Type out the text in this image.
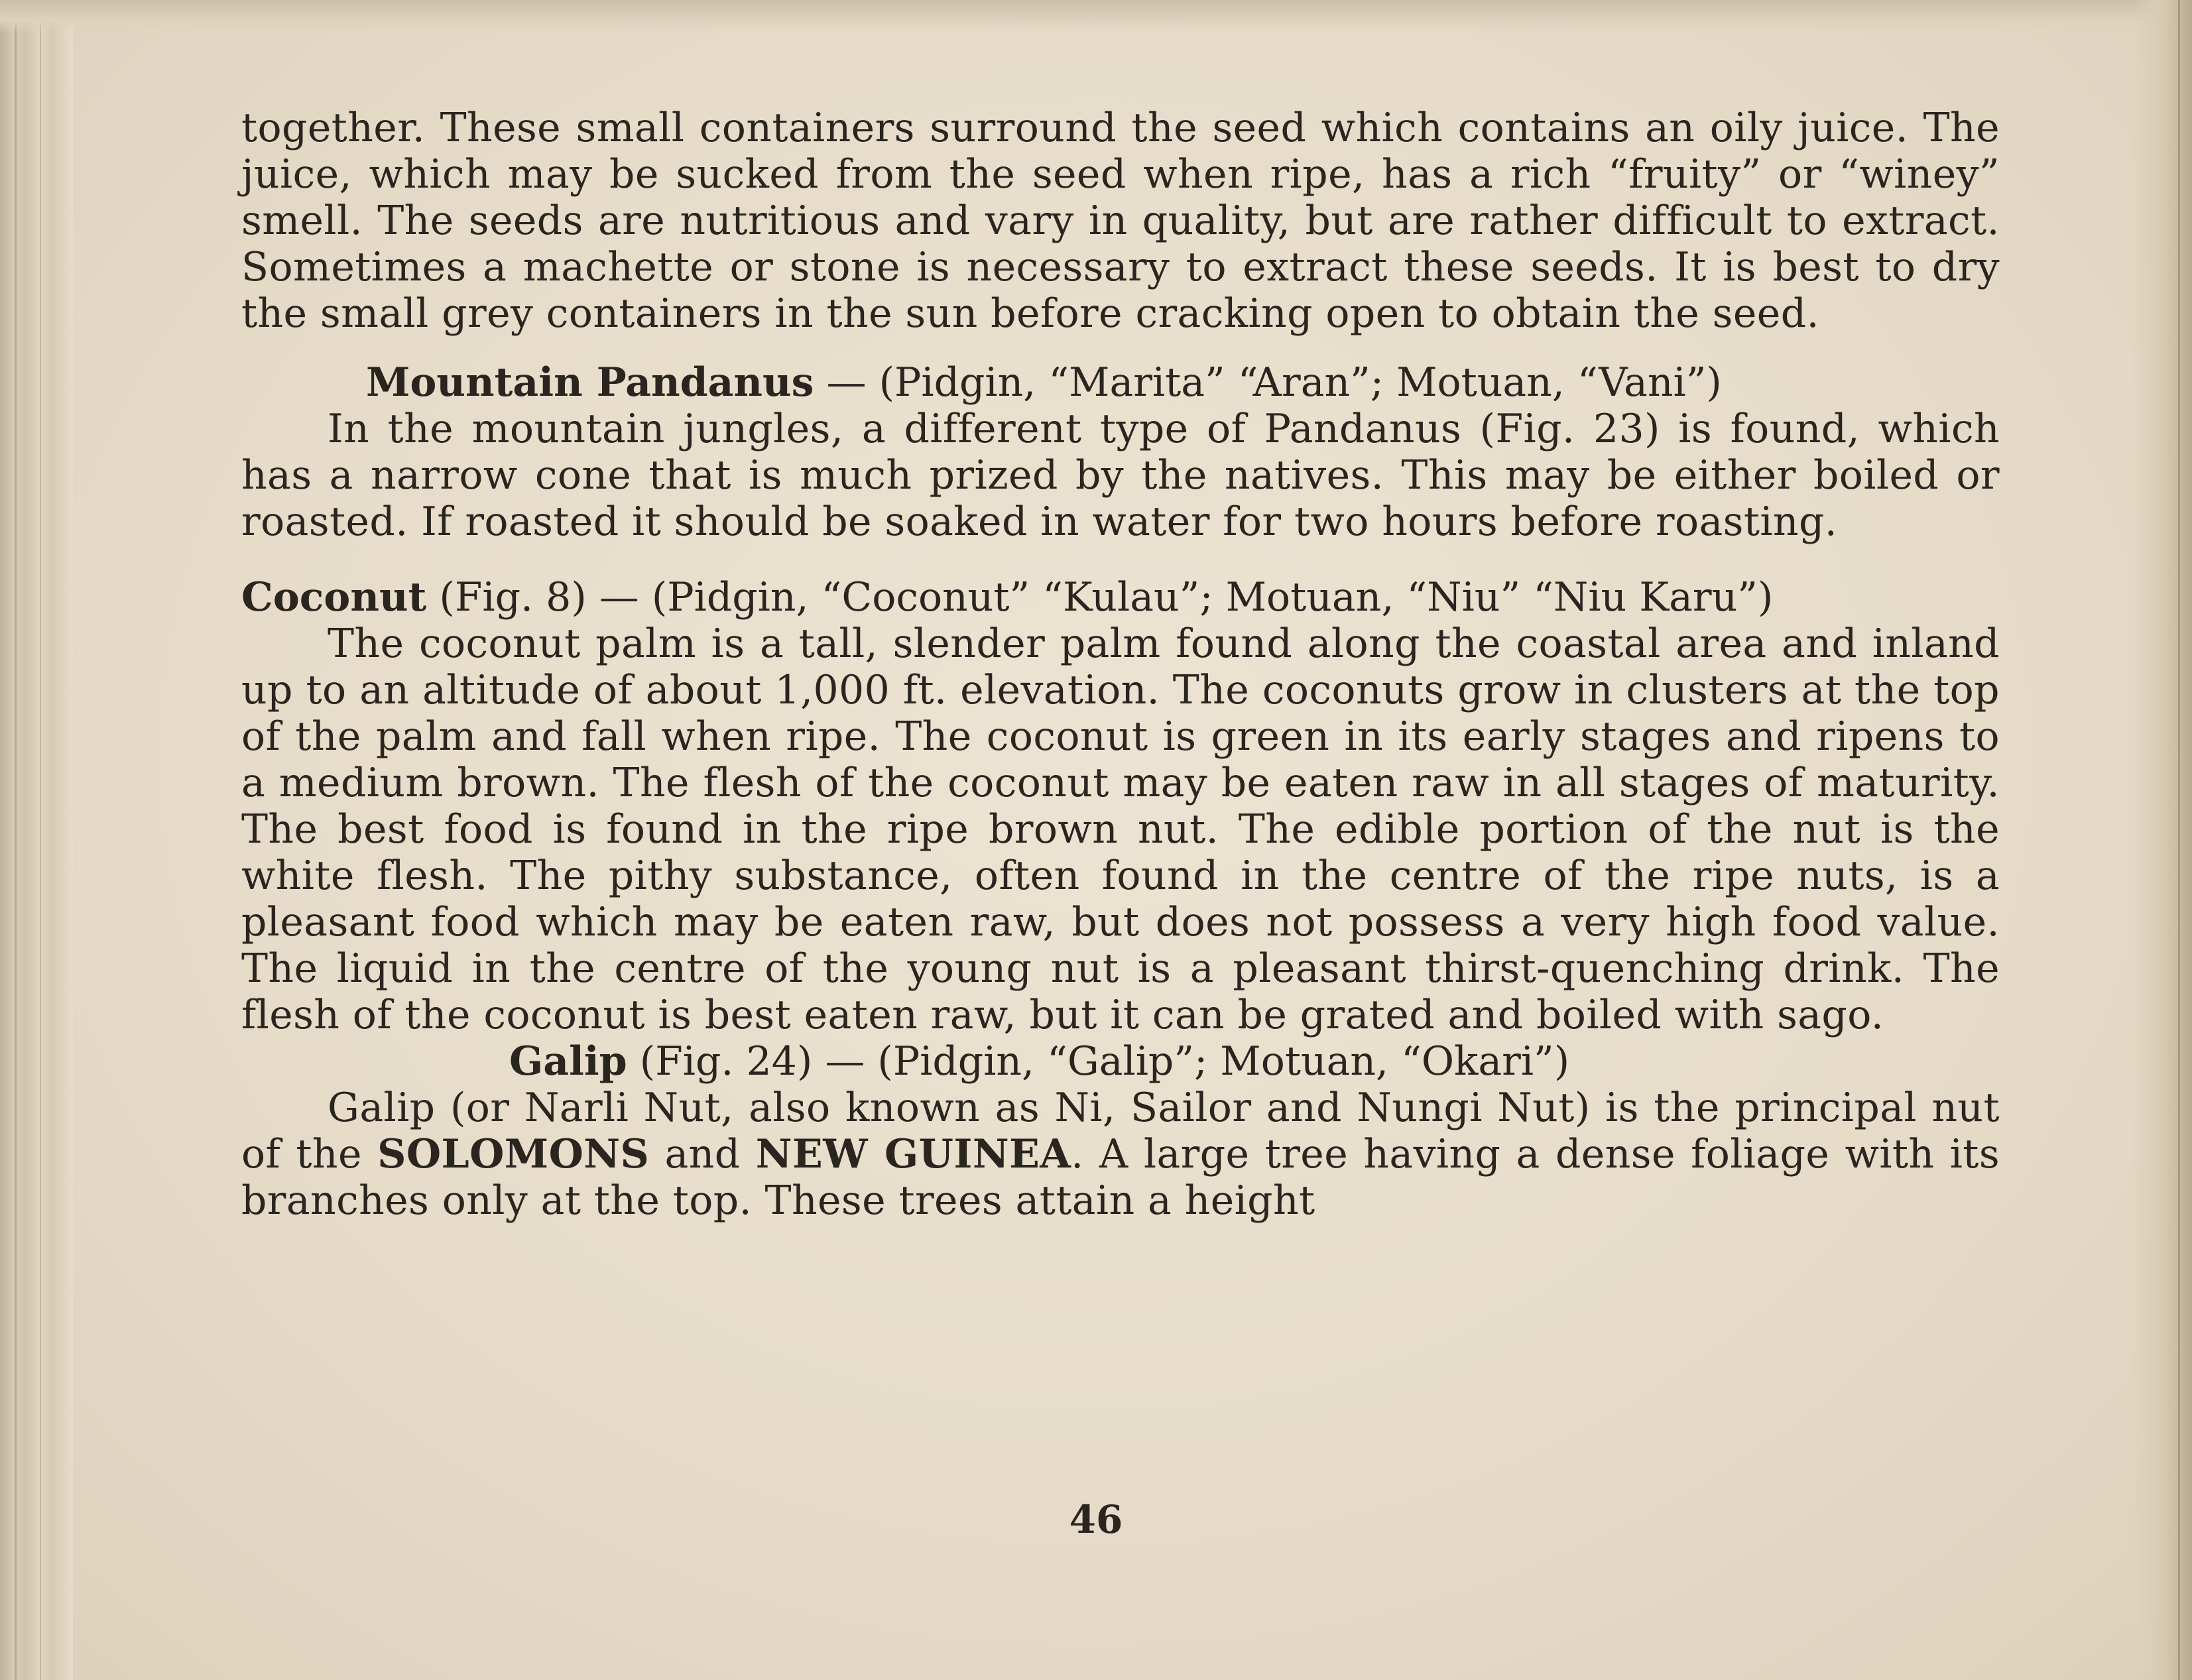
together. These small containers surround the seed which contains an oily juice. The juice, which may be sucked from the seed when ripe, has a rich “fruity” or “winey” smell. The seeds are nutritious and vary in quality, but are rather difficult to extract. Sometimes a machette or stone is necessary to extract these seeds. It is best to dry the small grey containers in the sun before cracking open to obtain the seed.

Mountain Pandanus — (Pidgin, “Marita” “Aran”; Motuan, “Vani”)

In the mountain jungles, a different type of Pandanus (Fig. 23) is found, which has a narrow cone that is much prized by the natives. This may be either boiled or roasted. If roasted it should be soaked in water for two hours before roasting.

Coconut (Fig. 8) — (Pidgin, “Coconut” “Kulau”; Motuan, “Niu” “Niu Karu”)

The coconut palm is a tall, slender palm found along the coastal area and inland up to an altitude of about 1,000 ft. elevation. The coconuts grow in clusters at the top of the palm and fall when ripe. The coconut is green in its early stages and ripens to a medium brown. The flesh of the coconut may be eaten raw in all stages of maturity. The best food is found in the ripe brown nut. The edible portion of the nut is the white flesh. The pithy substance, often found in the centre of the ripe nuts, is a pleasant food which may be eaten raw, but does not possess a very high food value. The liquid in the centre of the young nut is a pleasant thirst-quenching drink. The flesh of the coconut is best eaten raw, but it can be grated and boiled with sago.

Galip (Fig. 24) — (Pidgin, “Galip”; Motuan, “Okari”)

Galip (or Narli Nut, also known as Ni, Sailor and Nungi Nut) is the principal nut of the SOLOMONS and NEW GUINEA. A large tree having a dense foliage with its branches only at the top. These trees attain a height

46
